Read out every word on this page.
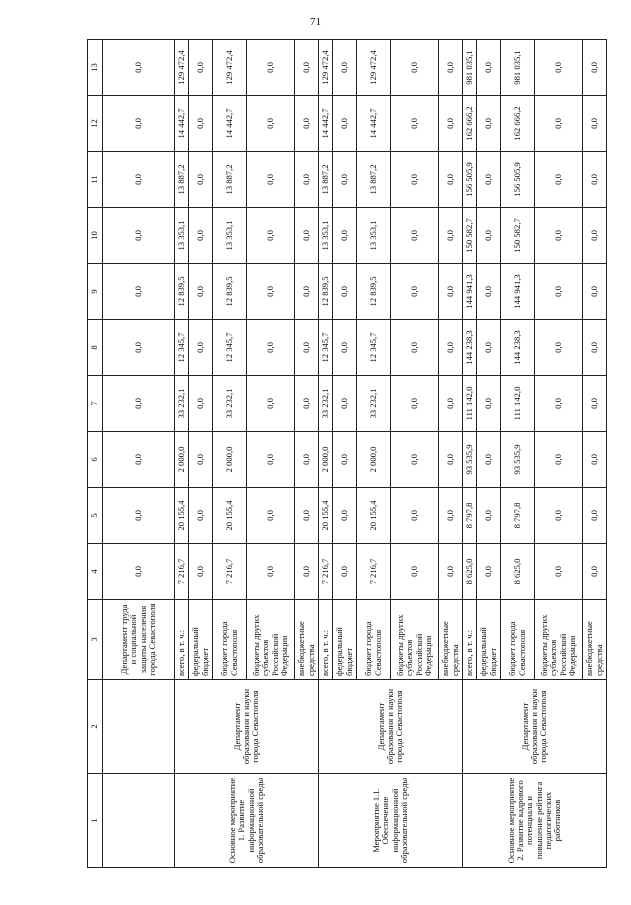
71
1	2	3	4	5	6	7	8	9	10	11	12	13
		Департамент труда и социальной защиты населения города Севастополя	0,0	0,0	0,0	0,0	0,0	0,0	0,0	0,0	0,0	0,0
Основное мероприятие 1. Развитие информационной образовательной среды	Департамент образования и науки города Севастополя	всего, в т. ч.:	7 216,7	20 155,4	2 000,0	33 232,1	12 345,7	12 839,5	13 353,1	13 887,2	14 442,7	129 472,4
		федеральный бюджет	0,0	0,0	0,0	0,0	0,0	0,0	0,0	0,0	0,0	0,0
		бюджет города Севастополя	7 216,7	20 155,4	2 000,0	33 232,1	12 345,7	12 839,5	13 353,1	13 887,2	14 442,7	129 472,4
		бюджеты других субъектов Российской Федерации	0,0	0,0	0,0	0,0	0,0	0,0	0,0	0,0	0,0	0,0
		внебюджетные средства	0,0	0,0	0,0	0,0	0,0	0,0	0,0	0,0	0,0	0,0
Мероприятие 1.1. Обеспечение информационной образовательной среды	Департамент образования и науки города Севастополя	всего, в т. ч.:	7 216,7	20 155,4	2 000,0	33 232,1	12 345,7	12 839,5	13 353,1	13 887,2	14 442,7	129 472,4
		федеральный бюджет	0,0	0,0	0,0	0,0	0,0	0,0	0,0	0,0	0,0	0,0
		бюджет города Севастополя	7 216,7	20 155,4	2 000,0	33 232,1	12 345,7	12 839,5	13 353,1	13 887,2	14 442,7	129 472,4
		бюджеты других субъектов Российской Федерации	0,0	0,0	0,0	0,0	0,0	0,0	0,0	0,0	0,0	0,0
		внебюджетные средства	0,0	0,0	0,0	0,0	0,0	0,0	0,0	0,0	0,0	0,0
Основное мероприятие 2. Развитие кадрового потенциала и повышение рейтинга педагогических работников	Департамент образования и науки города Севастополя	всего, в т. ч.:	8 625,0	8 797,8	93 535,9	111 142,0	144 238,3	144 941,3	150 582,7	156 505,9	162 666,2	981 035,1
		федеральный бюджет	0,0	0,0	0,0	0,0	0,0	0,0	0,0	0,0	0,0	0,0
		бюджет города Севастополя	8 625,0	8 797,8	93 535,9	111 142,0	144 238,3	144 941,3	150 582,7	156 505,9	162 666,2	981 035,1
		бюджеты других субъектов Российской Федерации	0,0	0,0	0,0	0,0	0,0	0,0	0,0	0,0	0,0	0,0
		внебюджетные средства	0,0	0,0	0,0	0,0	0,0	0,0	0,0	0,0	0,0	0,0
